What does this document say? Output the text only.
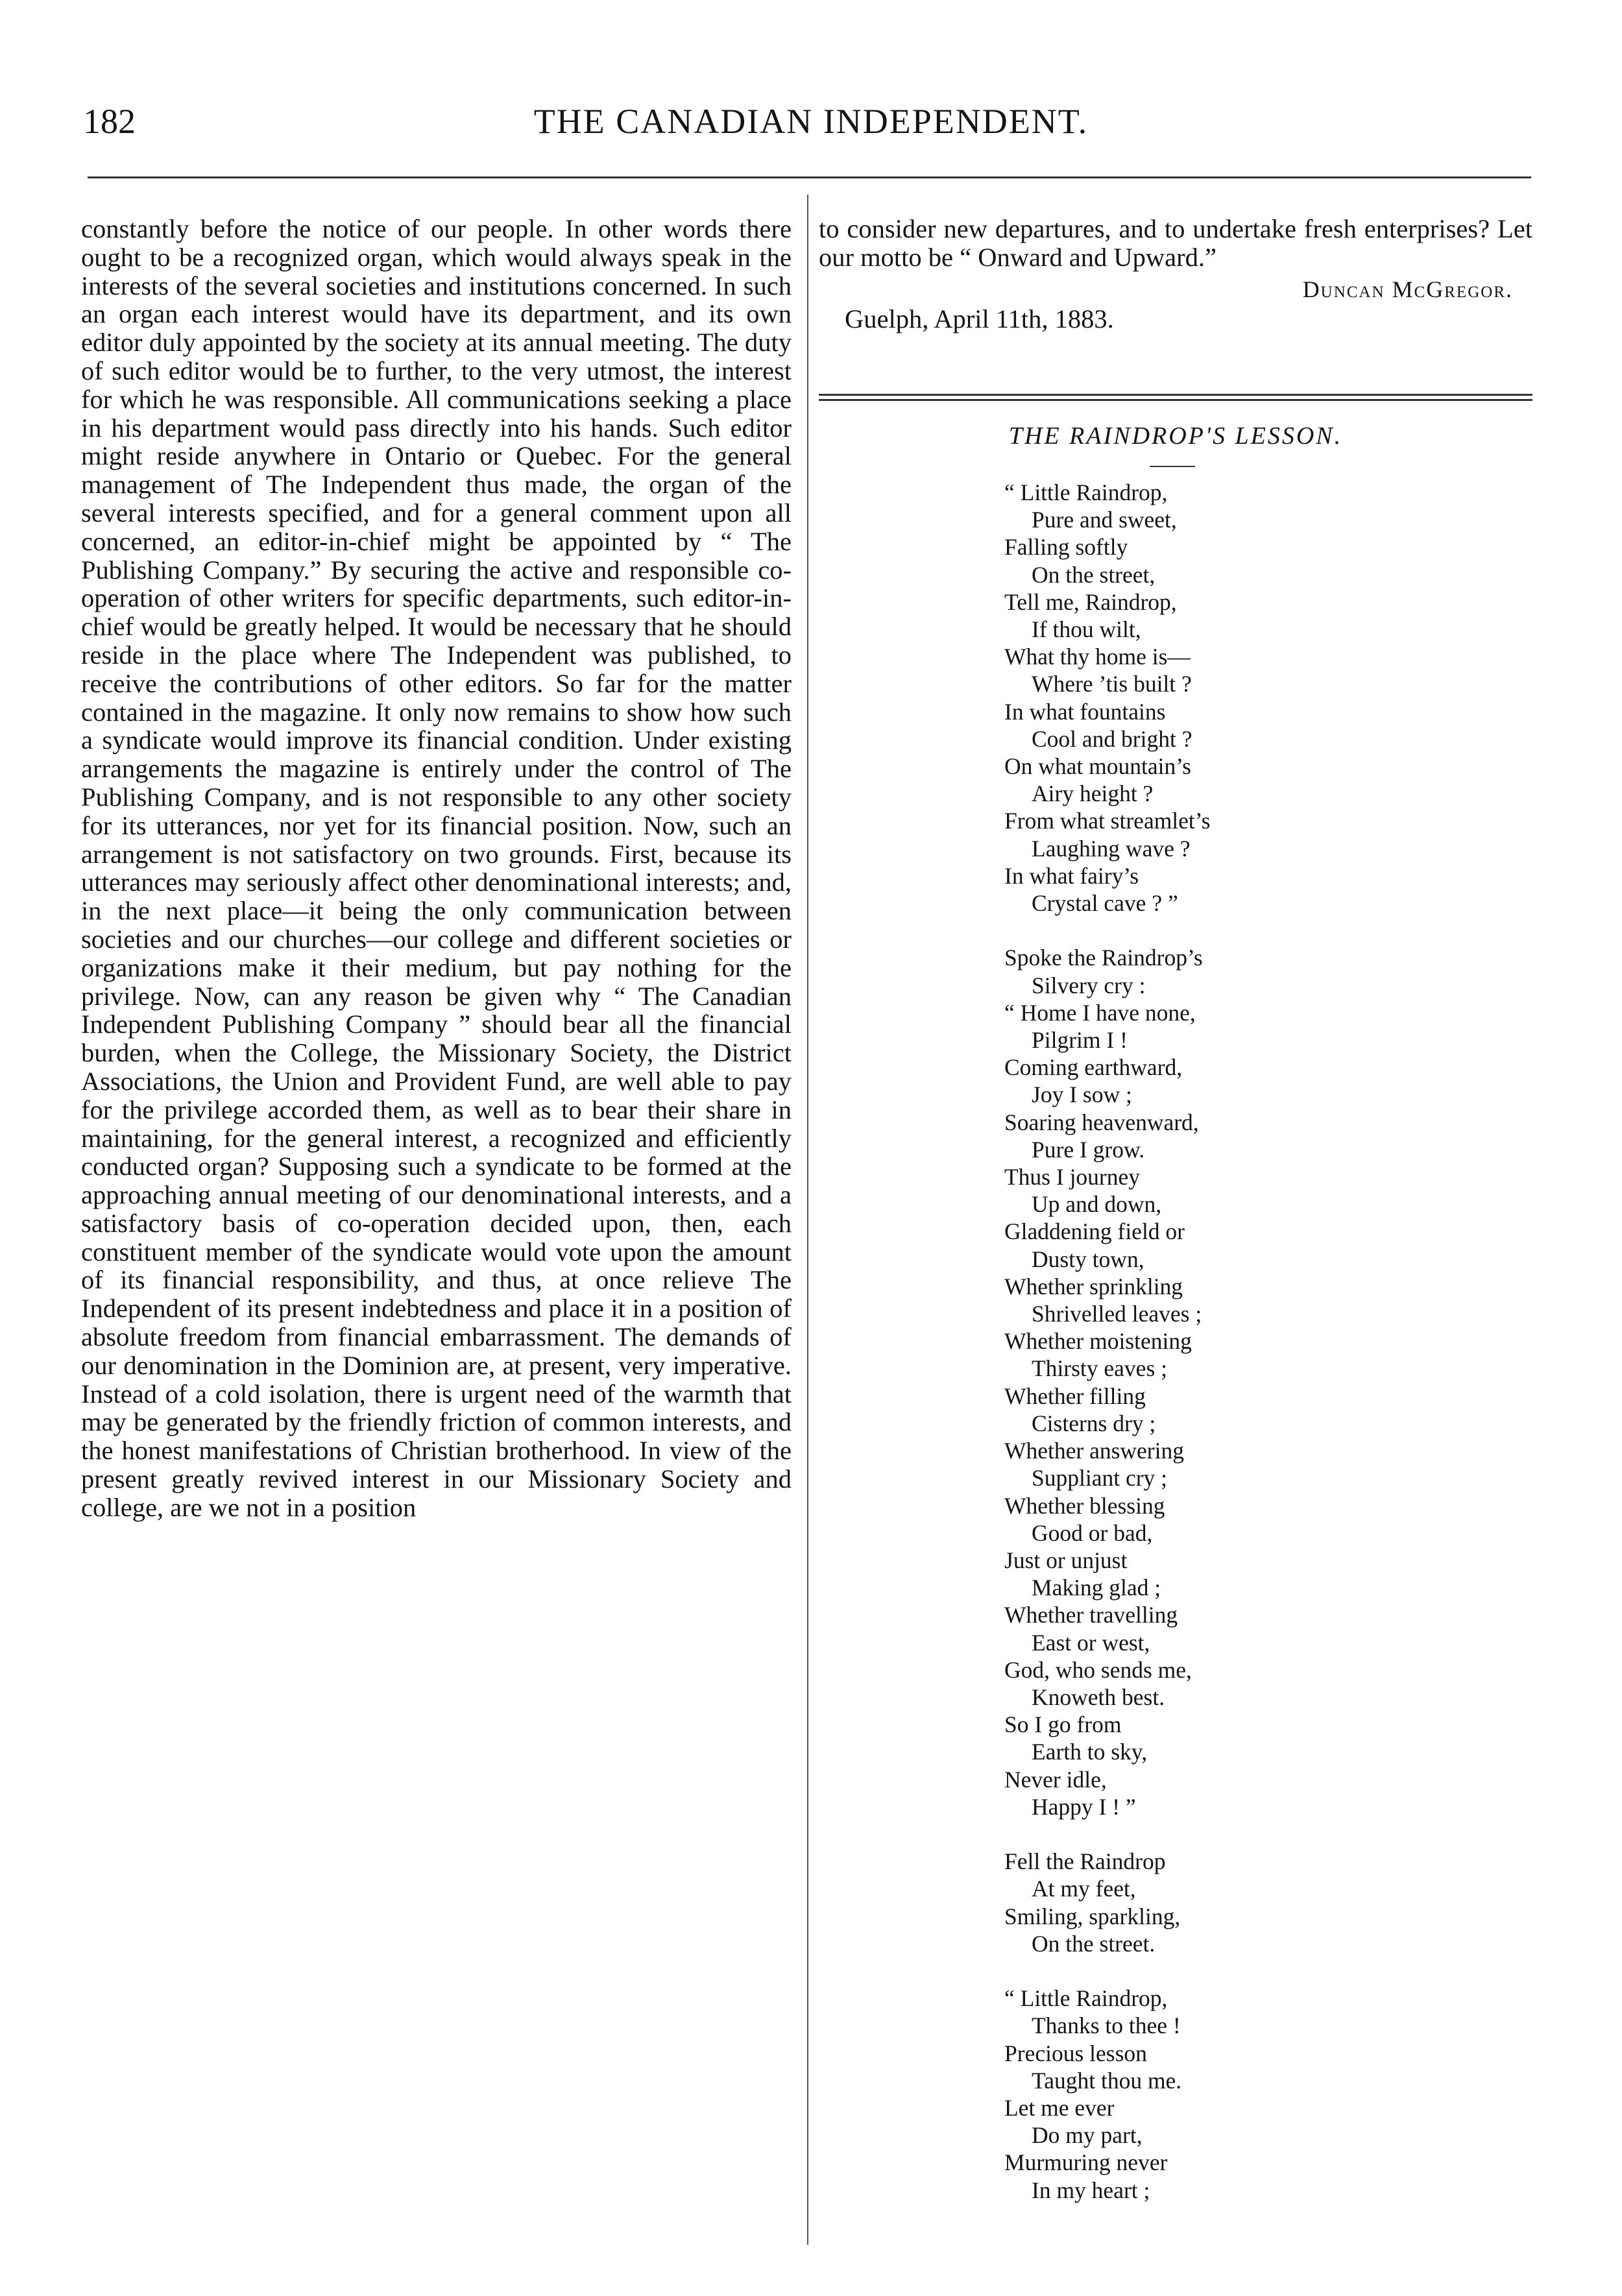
182	THE CANADIAN INDEPENDENT.

constantly before the notice of our people. In other words there ought to be a recognized organ, which would always speak in the interests of the several societies and institutions concerned. In such an organ each interest would have its department, and its own editor duly appointed by the society at its annual meeting. The duty of such editor would be to further, to the very utmost, the interest for which he was responsible. All communications seeking a place in his department would pass directly into his hands. Such editor might reside anywhere in Ontario or Quebec. For the general management of The Independent thus made, the organ of the several interests specified, and for a general comment upon all concerned, an editor-in-chief might be appointed by “ The Publishing Company.” By securing the active and responsible co-operation of other writers for specific departments, such editor-in-chief would be greatly helped. It would be necessary that he should reside in the place where The Independent was published, to receive the contributions of other editors. So far for the matter contained in the magazine. It only now remains to show how such a syndicate would improve its financial condition. Under existing arrangements the magazine is entirely under the control of The Publishing Company, and is not responsible to any other society for its utterances, nor yet for its financial position. Now, such an arrangement is not satisfactory on two grounds. First, because its utterances may seriously affect other denominational interests; and, in the next place—it being the only communication between societies and our churches—our college and different societies or organizations make it their medium, but pay nothing for the privilege. Now, can any reason be given why “ The Canadian Independent Publishing Company ” should bear all the financial burden, when the College, the Missionary Society, the District Associations, the Union and Provident Fund, are well able to pay for the privilege accorded them, as well as to bear their share in maintaining, for the general interest, a recognized and efficiently conducted organ? Supposing such a syndicate to be formed at the approaching annual meeting of our denominational interests, and a satisfactory basis of co-operation decided upon, then, each constituent member of the syndicate would vote upon the amount of its financial responsibility, and thus, at once relieve The Independent of its present indebtedness and place it in a position of absolute freedom from financial embarrassment. The demands of our denomination in the Dominion are, at present, very imperative. Instead of a cold isolation, there is urgent need of the warmth that may be generated by the friendly friction of common interests, and the honest manifestations of Christian brotherhood. In view of the present greatly revived interest in our Missionary Society and college, are we not in a position

to consider new departures, and to undertake fresh enterprises? Let our motto be “ Onward and Upward.”

Duncan McGregor.
Guelph, April 11th, 1883.
THE RAINDROP'S LESSON.
“ Little Raindrop,
Pure and sweet,
Falling softly
On the street,
Tell me, Raindrop,
If thou wilt,
What thy home is—
Where ’tis built ?
In what fountains
Cool and bright ?
On what mountain’s
Airy height ?
From what streamlet’s
Laughing wave ?
In what fairy’s
Crystal cave ? ”
Spoke the Raindrop’s
Silvery cry :
“ Home I have none,
Pilgrim I !
Coming earthward,
Joy I sow ;
Soaring heavenward,
Pure I grow.
Thus I journey
Up and down,
Gladdening field or
Dusty town,
Whether sprinkling
Shrivelled leaves ;
Whether moistening
Thirsty eaves ;
Whether filling
Cisterns dry ;
Whether answering
Suppliant cry ;
Whether blessing
Good or bad,
Just or unjust
Making glad ;
Whether travelling
East or west,
God, who sends me,
Knoweth best.
So I go from
Earth to sky,
Never idle,
Happy I ! ”
Fell the Raindrop
At my feet,
Smiling, sparkling,
On the street.
“ Little Raindrop,
Thanks to thee !
Precious lesson
Taught thou me.
Let me ever
Do my part,
Murmuring never
In my heart ;
